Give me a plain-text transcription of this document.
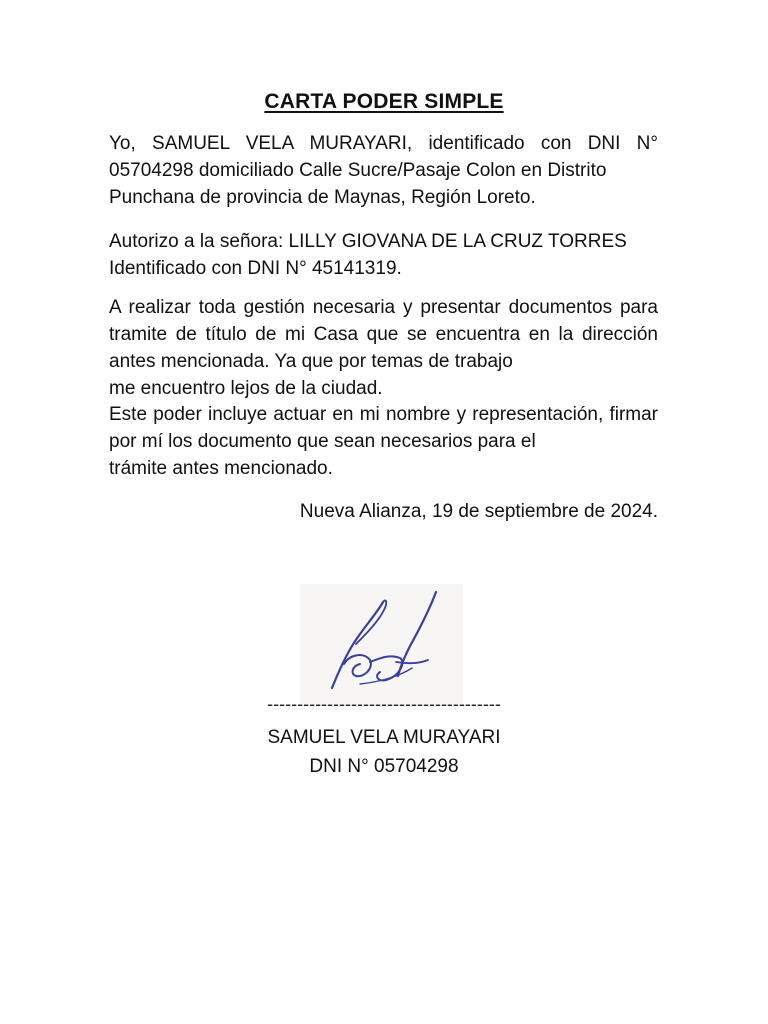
CARTA PODER SIMPLE

Yo, SAMUEL VELA MURAYARI, identificado con DNI N° 05704298 domiciliado Calle Sucre/Pasaje Colon en Distrito
Punchana de provincia de Maynas, Región Loreto.

Autorizo a la señora: LILLY GIOVANA DE LA CRUZ TORRES
Identificado con DNI N° 45141319.

A realizar toda gestión necesaria y presentar documentos para tramite de título de mi Casa que se encuentra en la dirección antes mencionada. Ya que por temas de trabajo
me encuentro lejos de la ciudad.

Este poder incluye actuar en mi nombre y representación, firmar por mí los documento que sean necesarios para el
trámite antes mencionado.

Nueva Alianza, 19 de septiembre de 2024.
---------------------------------------
SAMUEL VELA MURAYARI
DNI N° 05704298
